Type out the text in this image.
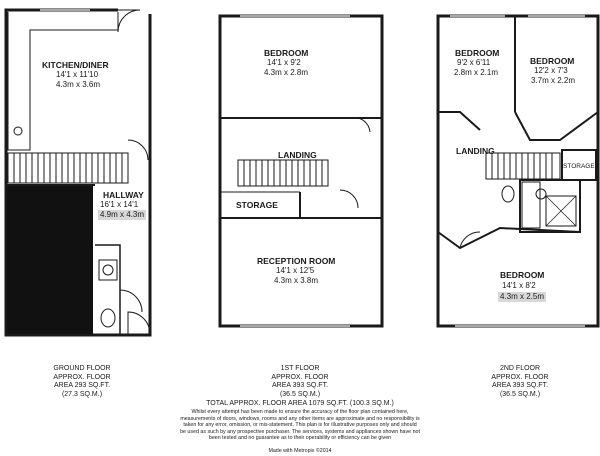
KITCHEN/DINER
14'1 x 11'10
4.3m x 3.6m
HALLWAY
16'1 x 14'1
4.9m x 4.3m
BEDROOM
14'1 x 9'2
4.3m x 2.8m
LANDING
STORAGE
RECEPTION ROOM
14'1 x 12'5
4.3m x 3.8m
BEDROOM
9'2 x 6'11
2.8m x 2.1m
BEDROOM
12'2 x 7'3
3.7m x 2.2m
LANDING
STORAGE
BEDROOM
14'1 x 8'2
4.3m x 2.5m
GROUND FLOOR
APPROX. FLOOR
AREA 293 SQ.FT.
(27.3 SQ.M.)
1ST FLOOR
APPROX. FLOOR
AREA 393 SQ.FT.
(36.5 SQ.M.)
2ND FLOOR
APPROX. FLOOR
AREA 393 SQ.FT.
(36.5 SQ.M.)
TOTAL APPROX. FLOOR AREA 1079 SQ.FT. (100.3 SQ.M.)
Whilst every attempt has been made to ensure the accuracy of the floor plan contained here, measurements of doors, windows, rooms and any other items are approximate and no responsibility is taken for any error, omission, or mis-statement. This plan is for illustrative purposes only and should be used as such by any prospective purchaser. The services, systems and appliances shown have not been tested and no guarantee as to their operability or efficiency can be given
Made with Metropix ©2014
